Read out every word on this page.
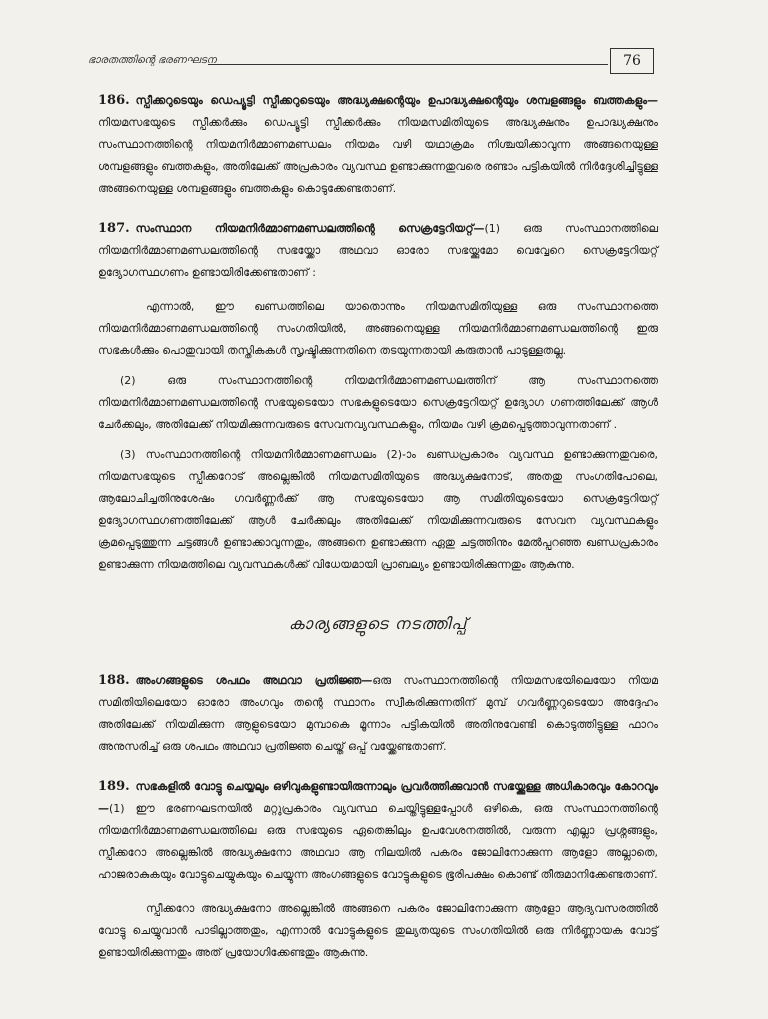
ഭാരതത്തിന്റെ ഭരണഘടന	76

186. സ്പീക്കറുടെയും ഡെപ്യൂട്ടി സ്പീക്കറുടെയും അദ്ധ്യക്ഷന്റെയും ഉപാദ്ധ്യക്ഷന്റെയും ശമ്പളങ്ങളും ബത്തകളും—നിയമസഭയുടെ സ്പീക്കർക്കും ഡെപ്യൂട്ടി സ്പീക്കർക്കും നിയമസമിതിയുടെ അദ്ധ്യക്ഷനും ഉപാദ്ധ്യക്ഷനും സംസ്ഥാനത്തിന്റെ നിയമനിർമ്മാണമണ്ഡലം നിയമം വഴി യഥാക്രമം നിശ്ചയിക്കാവുന്ന അങ്ങനെയുള്ള ശമ്പളങ്ങളും ബത്തകളും, അതിലേക്ക് അപ്രകാരം വ്യവസ്ഥ ഉണ്ടാക്കുന്നതുവരെ രണ്ടാം പട്ടികയിൽ നിർദ്ദേശിച്ചിട്ടുള്ള അങ്ങനെയുള്ള ശമ്പളങ്ങളും ബത്തകളും കൊടുക്കേണ്ടതാണ്.

187. സംസ്ഥാന നിയമനിർമ്മാണമണ്ഡലത്തിന്റെ സെക്രട്ടേറിയറ്റ്—(1) ഒരു സംസ്ഥാനത്തിലെ നിയമനിർമ്മാണമണ്ഡലത്തിന്റെ സഭയ്ക്കോ അഥവാ ഓരോ സഭയ്ക്കുമോ വെവ്വേറെ സെക്രട്ടേറിയറ്റ് ഉദ്യോഗസ്ഥഗണം ഉണ്ടായിരിക്കേണ്ടതാണ് :

എന്നാൽ, ഈ ഖണ്ഡത്തിലെ യാതൊന്നും നിയമസമിതിയുള്ള ഒരു സംസ്ഥാനത്തെ നിയമനിർമ്മാണമണ്ഡലത്തിന്റെ സംഗതിയിൽ, അങ്ങനെയുള്ള നിയമനിർമ്മാണമണ്ഡലത്തിന്റെ ഇരു സഭകൾക്കും പൊതുവായി തസ്തികകൾ സൃഷ്ടിക്കുന്നതിനെ തടയുന്നതായി കരുതാൻ പാടുള്ളതല്ല.

(2) ഒരു സംസ്ഥാനത്തിന്റെ നിയമനിർമ്മാണമണ്ഡലത്തിന് ആ സംസ്ഥാനത്തെ നിയമനിർമ്മാണമണ്ഡലത്തിന്റെ സഭയുടെയോ സഭകളുടെയോ സെക്രട്ടേറിയറ്റ് ഉദ്യോഗ ഗണത്തിലേക്ക് ആൾ ചേർക്കലും, അതിലേക്ക് നിയമിക്കുന്നവരുടെ സേവനവ്യവസ്ഥകളും, നിയമം വഴി ക്രമപ്പെടുത്താവുന്നതാണ് .

(3) സംസ്ഥാനത്തിന്റെ നിയമനിർമ്മാണമണ്ഡലം (2)-ാം ഖണ്ഡപ്രകാരം വ്യവസ്ഥ ഉണ്ടാക്കുന്നതുവരെ, നിയമസഭയുടെ സ്പീക്കറോട് അല്ലെങ്കിൽ നിയമസമിതിയുടെ അദ്ധ്യക്ഷനോട്, അതതു സംഗതിപോലെ, ആലോചിച്ചതിനുശേഷം ഗവർണ്ണർക്ക് ആ സഭയുടെയോ ആ സമിതിയുടെയോ സെക്രട്ടേറിയറ്റ് ഉദ്യോഗസ്ഥഗണത്തിലേക്ക് ആൾ ചേർക്കലും അതിലേക്ക് നിയമിക്കുന്നവരുടെ സേവന വ്യവസ്ഥകളും ക്രമപ്പെടുത്തുന്ന ചട്ടങ്ങൾ ഉണ്ടാക്കാവുന്നതും, അങ്ങനെ ഉണ്ടാക്കുന്ന ഏതു ചട്ടത്തിനും മേൽപ്പറഞ്ഞ ഖണ്ഡപ്രകാരം ഉണ്ടാക്കുന്ന നിയമത്തിലെ വ്യവസ്ഥകൾക്ക് വിധേയമായി പ്രാബല്യം ഉണ്ടായിരിക്കുന്നതും ആകുന്നു.

കാര്യങ്ങളുടെ നടത്തിപ്പ്

188. അംഗങ്ങളുടെ ശപഥം അഥവാ പ്രതിജ്ഞ—ഒരു സംസ്ഥാനത്തിന്റെ നിയമസഭയിലെയോ നിയമ സമിതിയിലെയോ ഓരോ അംഗവും തന്റെ സ്ഥാനം സ്വീകരിക്കുന്നതിന് മുമ്പ് ഗവർണ്ണറുടെയോ അദ്ദേഹം അതിലേക്ക് നിയമിക്കുന്ന ആളുടെയോ മുമ്പാകെ മൂന്നാം പട്ടികയിൽ അതിനുവേണ്ടി കൊടുത്തിട്ടുള്ള ഫാറം അനുസരിച്ച് ഒരു ശപഥം അഥവാ പ്രതിജ്ഞ ചെയ്ത് ഒപ്പ് വയ്ക്കേണ്ടതാണ്.

189. സഭകളിൽ വോട്ടു ചെയ്യലും ഒഴിവുകളുണ്ടായിരുന്നാലും പ്രവർത്തിക്കുവാൻ സഭയ്ക്കുള്ള അധികാരവും കോറവും—(1) ഈ ഭരണഘടനയിൽ മറ്റുപ്രകാരം വ്യവസ്ഥ ചെയ്തിട്ടുള്ളപ്പോൾ ഒഴികെ, ഒരു സംസ്ഥാനത്തിന്റെ നിയമനിർമ്മാണമണ്ഡലത്തിലെ ഒരു സഭയുടെ ഏതെങ്കിലും ഉപവേശനത്തിൽ, വരുന്ന എല്ലാ പ്രശ്നങ്ങളും, സ്പീക്കറോ അല്ലെങ്കിൽ അദ്ധ്യക്ഷനോ അഥവാ ആ നിലയിൽ പകരം ജോലിനോക്കുന്ന ആളോ അല്ലാതെ, ഹാജരാകുകയും വോട്ടുചെയ്യുകയും ചെയ്യുന്ന അംഗങ്ങളുടെ വോട്ടുകളുടെ ഭൂരിപക്ഷം കൊണ്ട് തീരുമാനിക്കേണ്ടതാണ്.

സ്പീക്കറോ അദ്ധ്യക്ഷനോ അല്ലെങ്കിൽ അങ്ങനെ പകരം ജോലിനോക്കുന്ന ആളോ ആദ്യവസരത്തിൽ വോട്ടു ചെയ്യുവാൻ പാടില്ലാത്തതും, എന്നാൽ വോട്ടുകളുടെ തുല്യതയുടെ സംഗതിയിൽ ഒരു നിർണ്ണായക വോട്ട് ഉണ്ടായിരിക്കുന്നതും അത് പ്രയോഗിക്കേണ്ടതും ആകുന്നു.
